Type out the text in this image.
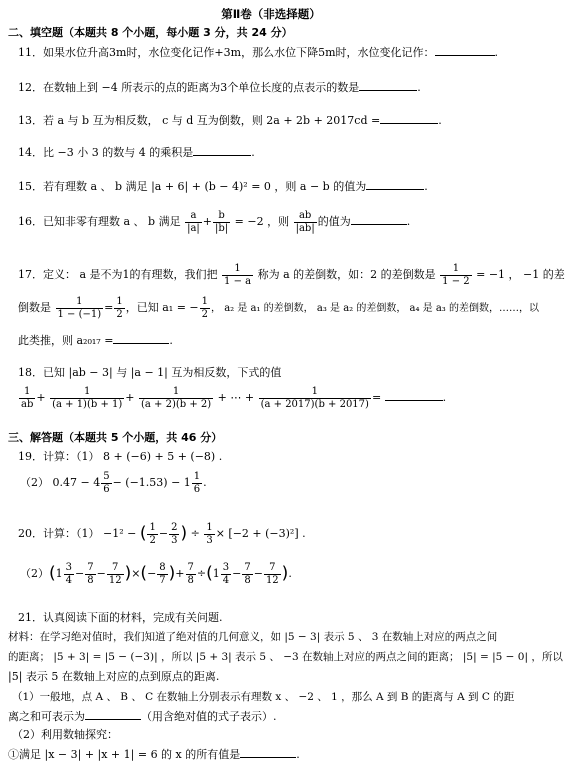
第Ⅱ卷（非选择题）
二、填空题（本题共 8 个小题，每小题 3 分，共 24 分）
11．如果水位升高3m时，水位变化记作+3m，那么水位下降5m时，水位变化记作：	.
12．在数轴上到 −4 所表示的点的距离为3个单位长度的点表示的数是	.
13．若 a 与 b 互为相反数， c 与 d 互为倒数，则 2a + 2b + 2017cd =	.
14．比 −3 小 3 的数与 4 的乘积是	.
15．若有理数 a 、 b 满足 |a + 6| + (b − 4)² = 0 ，则 a − b 的值为	.
16．已知非零有理数 a 、 b 满足 $\frac{a}{|a|} + \frac{b}{|b|} = -2$ ，则 $\frac{ab}{|ab|}$ 的值为	.
17．定义： a 是不为1的有理数，我们把 $\frac{1}{1 - a}$ 称为 a 的差倒数，如：2 的差倒数是 $\frac{1}{1 - 2} = -1$ ， −1 的差
倒数是 $\frac{1}{1 - (-1)} = \frac{1}{2}$ ，已知 a₁ = − $\frac{1}{2}$ ， a₂ 是 a₁ 的差倒数， a₃ 是 a₂ 的差倒数， a₄ 是 a₃ 的差倒数，……，以
此类推，则 a₂₀₁₇ =	.
18．已知 |ab − 3| 与 |a − 1| 互为相反数，下式的值
$\frac{1}{ab} + \frac{1}{(a + 1)(b + 1)} + \frac{1}{(a + 2)(b + 2)}$ + ⋯ + $\frac{1}{(a + 2017)(b + 2017)}$ =	.
三、解答题（本题共 5 个小题，共 46 分）
19．计算：（1） 8 + (−6) + 5 + (−8) .
（2） $0.47 - 4 \frac{5}{6} - (-1.53) - 1 \frac{1}{6}$ .
20．计算：（1） −1² − ( $\frac{1}{2} - \frac{2}{3}$ ) ÷ $\frac{1}{3} \times [-2 + (-3)^2]$ .
$(2)(1 \frac{3}{4} - \frac{7}{8} - \frac{7}{12}$ )×(− $\frac{8}{7}$ )+ $\frac{7}{8} \div(1 \frac{3}{4} - \frac{7}{8} - \frac{7}{12}$ ).
21．认真阅读下面的材料，完成有关问题.
材料：在学习绝对值时，我们知道了绝对值的几何意义，如 |5 − 3| 表示 5 、 3 在数轴上对应的两点之间
的距离； |5 + 3| = |5 − (−3)| ，所以 |5 + 3| 表示 5 、 −3 在数轴上对应的两点之间的距离； |5| = |5 − 0| ，所以
|5| 表示 5 在数轴上对应的点到原点的距离.
（1）一般地，点 A 、 B 、 C 在数轴上分别表示有理数 x 、 −2 、 1 ，那么 A 到 B 的距离与 A 到 C 的距
离之和可表示为	（用含绝对值的式子表示）.
（2）利用数轴探究：
①满足 |x − 3| + |x + 1| = 6 的 x 的所有值是	.
